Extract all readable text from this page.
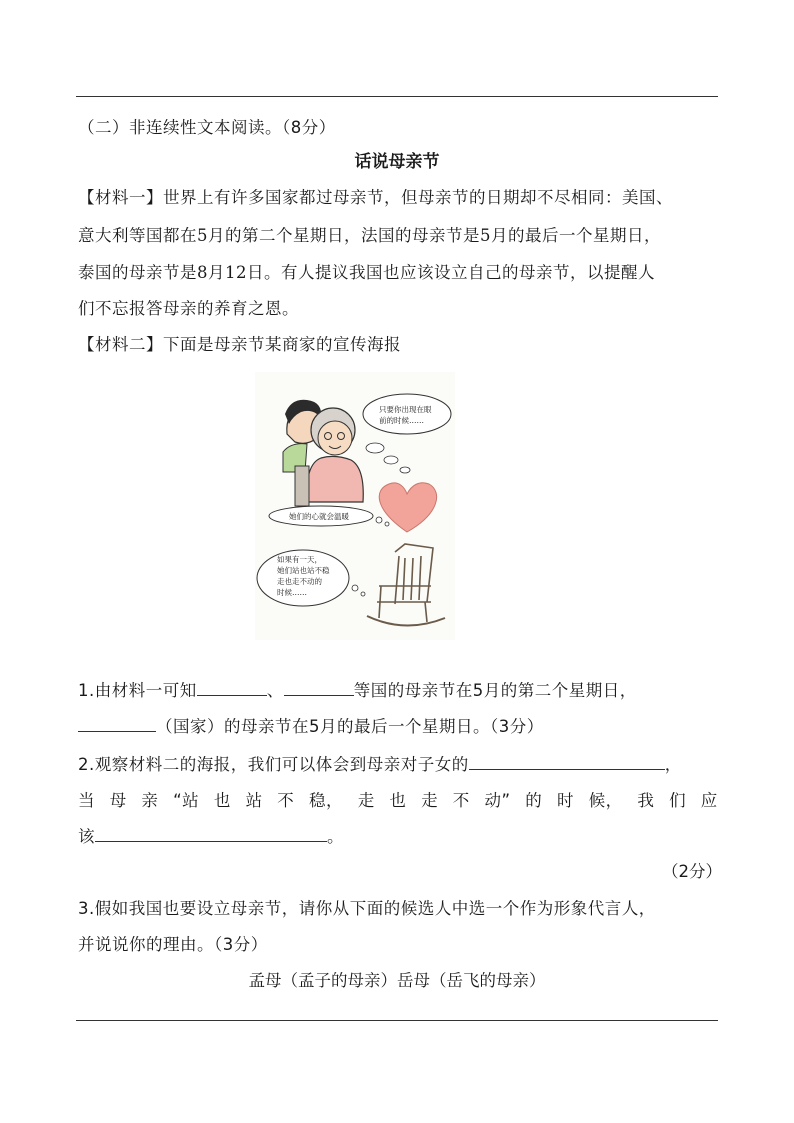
（二）非连续性文本阅读。（8分）
话说母亲节
【材料一】世界上有许多国家都过母亲节，但母亲节的日期却不尽相同：美国、
意大利等国都在5月的第二个星期日，法国的母亲节是5月的最后一个星期日，
泰国的母亲节是8月12日。有人提议我国也应该设立自己的母亲节，以提醒人
们不忘报答母亲的养育之恩。
【材料二】下面是母亲节某商家的宣传海报
只要你出现在眼
前的时候……
她们的心就会温暖
如果有一天，
她们站也站不稳
走也走不动的
时候……
1.由材料一可知	、	等国的母亲节在5月的第二个星期日，
（国家）的母亲节在5月的最后一个星期日。（3分）
2.观察材料二的海报，我们可以体会到母亲对子女的	，
当 母 亲 “站 也 站 不 稳， 走 也 走 不 动” 的 时 候， 我 们 应
该	。
（2分）
3.假如我国也要设立母亲节，请你从下面的候选人中选一个作为形象代言人，
并说说你的理由。（3分）
孟母（孟子的母亲）岳母（岳飞的母亲）
